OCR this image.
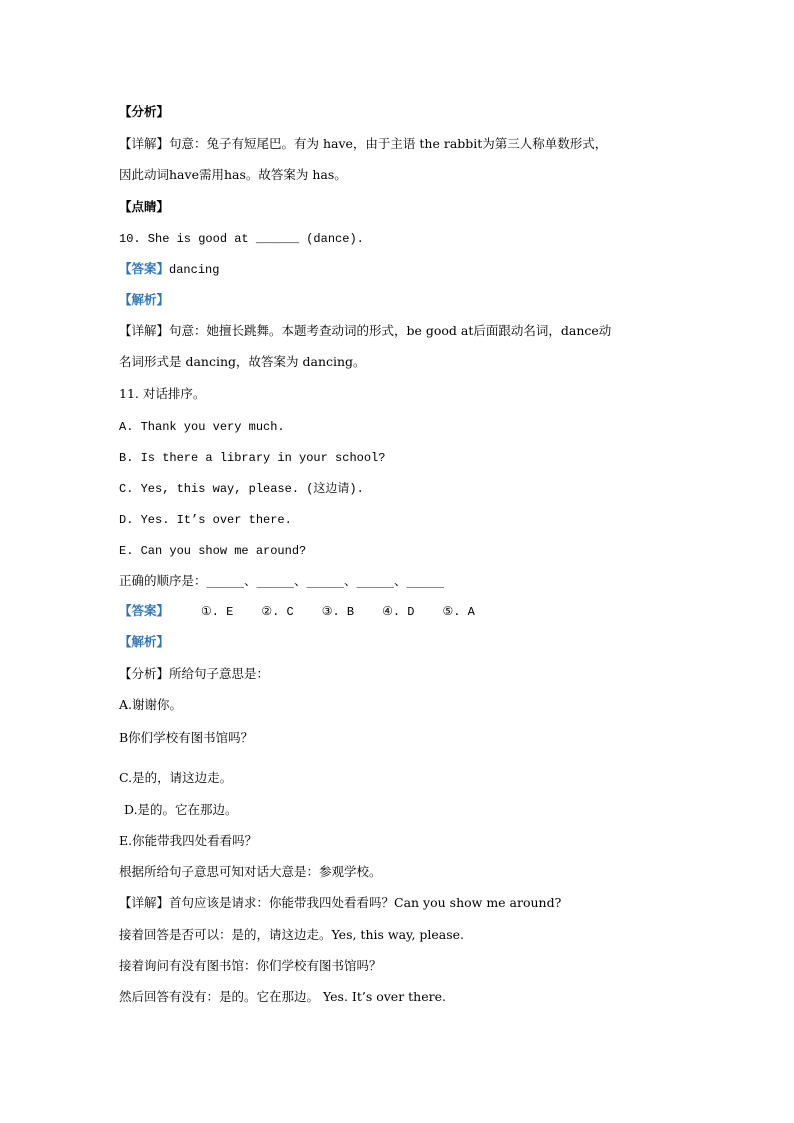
【分析】

【详解】句意：兔子有短尾巴。有为 have，由于主语 the rabbit为第三人称单数形式，

因此动词have需用has。故答案为 has。

【点睛】

10. She is good at ______ (dance).

【答案】dancing

【解析】

【详解】句意：她擅长跳舞。本题考查动词的形式，be good at后面跟动名词，dance动

名词形式是 dancing，故答案为 dancing。

11. 对话排序。

A. Thank you very much.

B. Is there a library in your school?

C. Yes, this way, please. (这边请).

D. Yes. It’s over there.

E. Can you show me around?

正确的顺序是：______、______、______、______、______

【答案】	①. E ②. C ③. B ④. D ⑤. A

【解析】

【分析】所给句子意思是：

A.谢谢你。

B你们学校有图书馆吗？

C.是的，请这边走。

D.是的。它在那边。

E.你能带我四处看看吗？

根据所给句子意思可知对话大意是：参观学校。

【详解】首句应该是请求：你能带我四处看看吗？Can you show me around?

接着回答是否可以：是的，请这边走。Yes, this way, please.

接着询问有没有图书馆：你们学校有图书馆吗？

然后回答有没有：是的。它在那边。 Yes. It’s over there.
